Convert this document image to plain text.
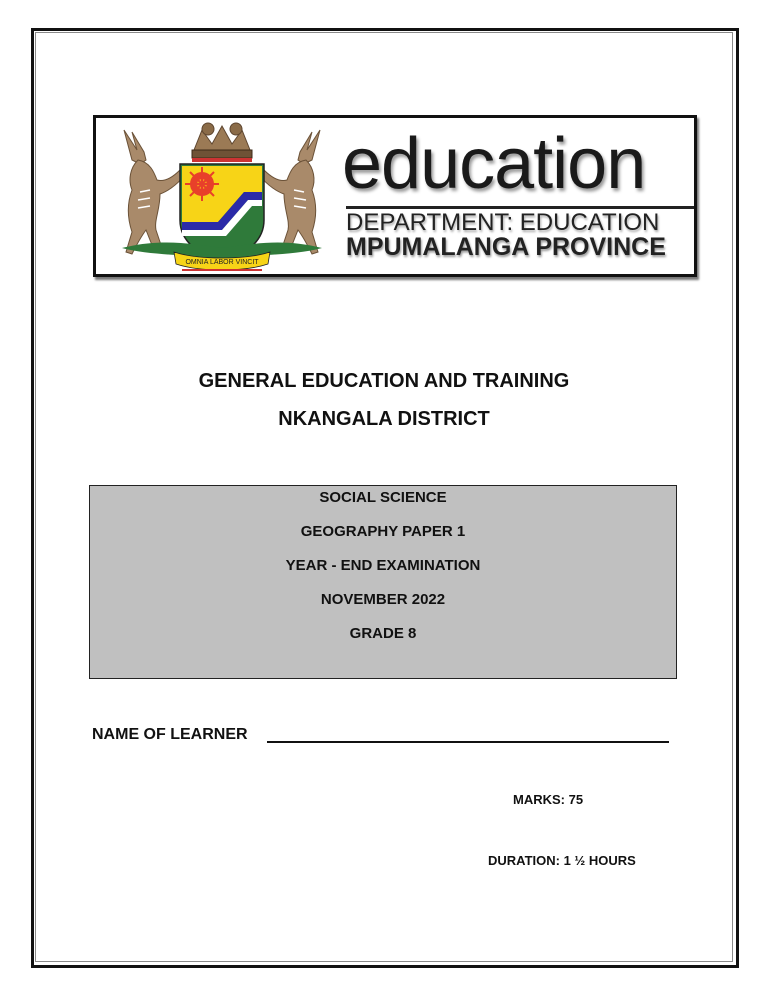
OMNIA LABOR VINCIT
education
DEPARTMENT: EDUCATION
MPUMALANGA PROVINCE
GENERAL EDUCATION AND TRAINING
NKANGALA DISTRICT
SOCIAL SCIENCE
GEOGRAPHY PAPER 1
YEAR - END EXAMINATION
NOVEMBER 2022
GRADE 8
NAME OF LEARNER
MARKS: 75
DURATION: 1 ½ HOURS
